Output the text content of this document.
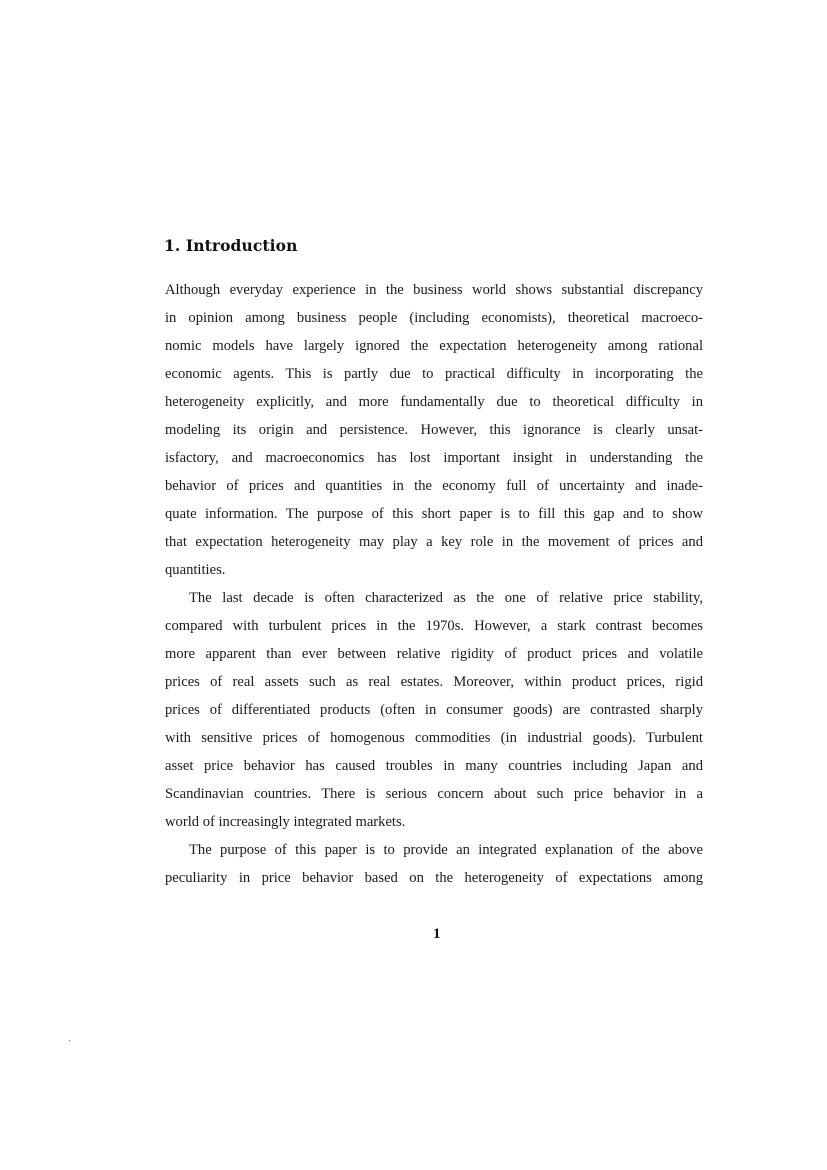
1. Introduction
Although everyday experience in the business world shows substantial discrepancy
in opinion among business people (including economists), theoretical macroeco-
nomic models have largely ignored the expectation heterogeneity among rational
economic agents. This is partly due to practical difficulty in incorporating the
heterogeneity explicitly, and more fundamentally due to theoretical difficulty in
modeling its origin and persistence. However, this ignorance is clearly unsat-
isfactory, and macroeconomics has lost important insight in understanding the
behavior of prices and quantities in the economy full of uncertainty and inade-
quate information. The purpose of this short paper is to fill this gap and to show
that expectation heterogeneity may play a key role in the movement of prices and
quantities.
The last decade is often characterized as the one of relative price stability,
compared with turbulent prices in the 1970s. However, a stark contrast becomes
more apparent than ever between relative rigidity of product prices and volatile
prices of real assets such as real estates. Moreover, within product prices, rigid
prices of differentiated products (often in consumer goods) are contrasted sharply
with sensitive prices of homogenous commodities (in industrial goods). Turbulent
asset price behavior has caused troubles in many countries including Japan and
Scandinavian countries. There is serious concern about such price behavior in a
world of increasingly integrated markets.
The purpose of this paper is to provide an integrated explanation of the above
peculiarity in price behavior based on the heterogeneity of expectations among
1
